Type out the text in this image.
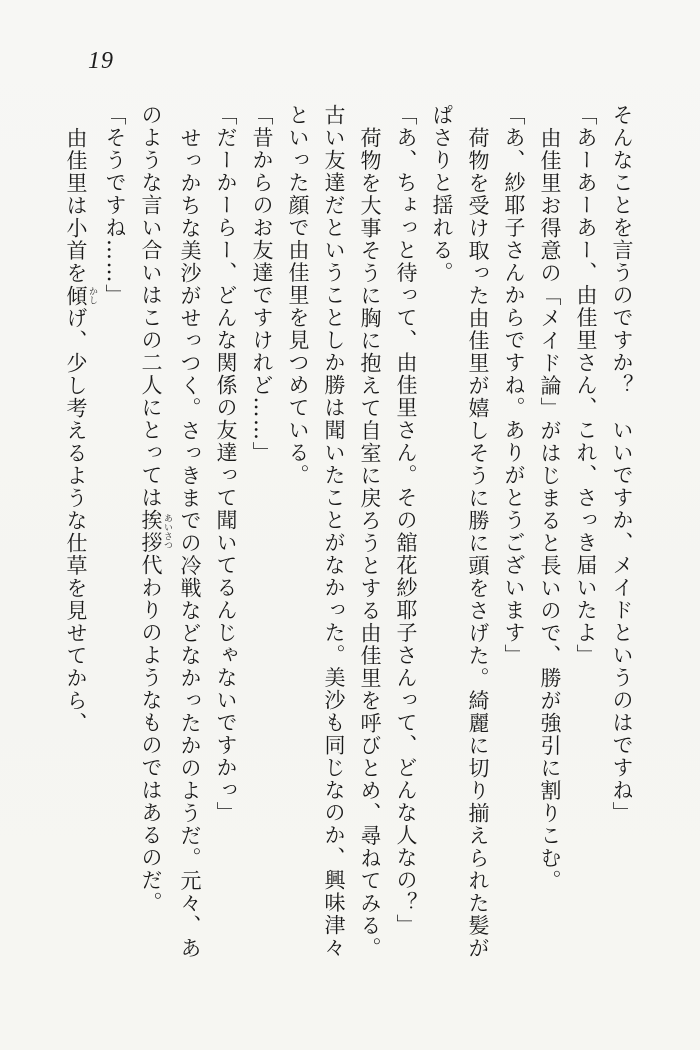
19
そんなことを言うのですか？　いいですか、メイドというのはですね」
「あーあーあー、由佳里さん、これ、さっき届いたよ」
由佳里お得意の「メイド論」がはじまると長いので、勝が強引に割りこむ。
「あ、紗耶子さんからですね。ありがとうございます」
荷物を受け取った由佳里が嬉しそうに勝に頭をさげた。綺麗に切り揃えられた髪が
ぱさりと揺れる。
「あ、ちょっと待って、由佳里さん。その舘花紗耶子さんって、どんな人なの？」
荷物を大事そうに胸に抱えて自室に戻ろうとする由佳里を呼びとめ、尋ねてみる。
古い友達だということしか勝は聞いたことがなかった。美沙も同じなのか、興味津々
といった顔で由佳里を見つめている。
「昔からのお友達ですけれど……」
「だーかーらー、どんな関係の友達って聞いてるんじゃないですかっ」
せっかちな美沙がせっつく。さっきまでの冷戦などなかったかのようだ。元々、あ
のような言い合いはこの二人にとっては挨拶 あいさつ代わりのようなものではあるのだ。
「そうですね……」
由佳里は小首を傾 かしげ、少し考えるような仕草を見せてから、
